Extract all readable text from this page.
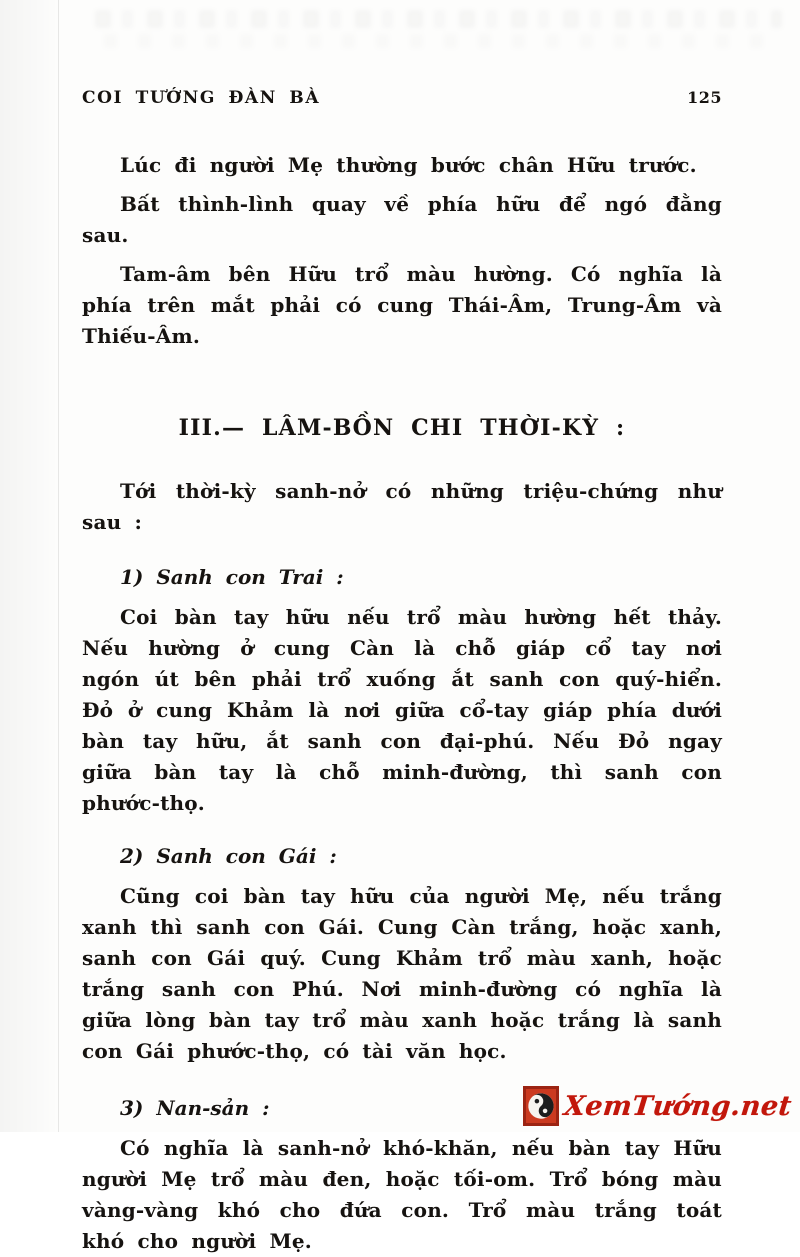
COI TƯỚNG ĐÀN BÀ	125

Lúc đi người Mẹ thường bước chân Hữu trước.

Bất thình-lình quay về phía hữu để ngó đằng sau.

Tam-âm bên Hữu trổ màu hường. Có nghĩa là phía trên mắt phải có cung Thái-Âm, Trung-Âm và Thiếu-Âm.

III.— LÂM-BỒN CHI THỜI-KỲ :

Tới thời-kỳ sanh-nở có những triệu-chứng như sau :

1) Sanh con Trai :

Coi bàn tay hữu nếu trổ màu hường hết thảy. Nếu hường ở cung Càn là chỗ giáp cổ tay nơi ngón út bên phải trổ xuống ắt sanh con quý-hiển. Đỏ ở cung Khảm là nơi giữa cổ-tay giáp phía dưới bàn tay hữu, ắt sanh con đại-phú. Nếu Đỏ ngay giữa bàn tay là chỗ minh-đường, thì sanh con phước-thọ.

2) Sanh con Gái :

Cũng coi bàn tay hữu của người Mẹ, nếu trắng xanh thì sanh con Gái. Cung Càn trắng, hoặc xanh, sanh con Gái quý. Cung Khảm trổ màu xanh, hoặc trắng sanh con Phú. Nơi minh-đường có nghĩa là giữa lòng bàn tay trổ màu xanh hoặc trắng là sanh con Gái phước-thọ, có tài văn học.

3) Nan-sản :

Có nghĩa là sanh-nở khó-khăn, nếu bàn tay Hữu người Mẹ trổ màu đen, hoặc tối-om. Trổ bóng màu vàng-vàng khó cho đứa con. Trổ màu trắng toát khó cho người Mẹ.

XemTướng.net
